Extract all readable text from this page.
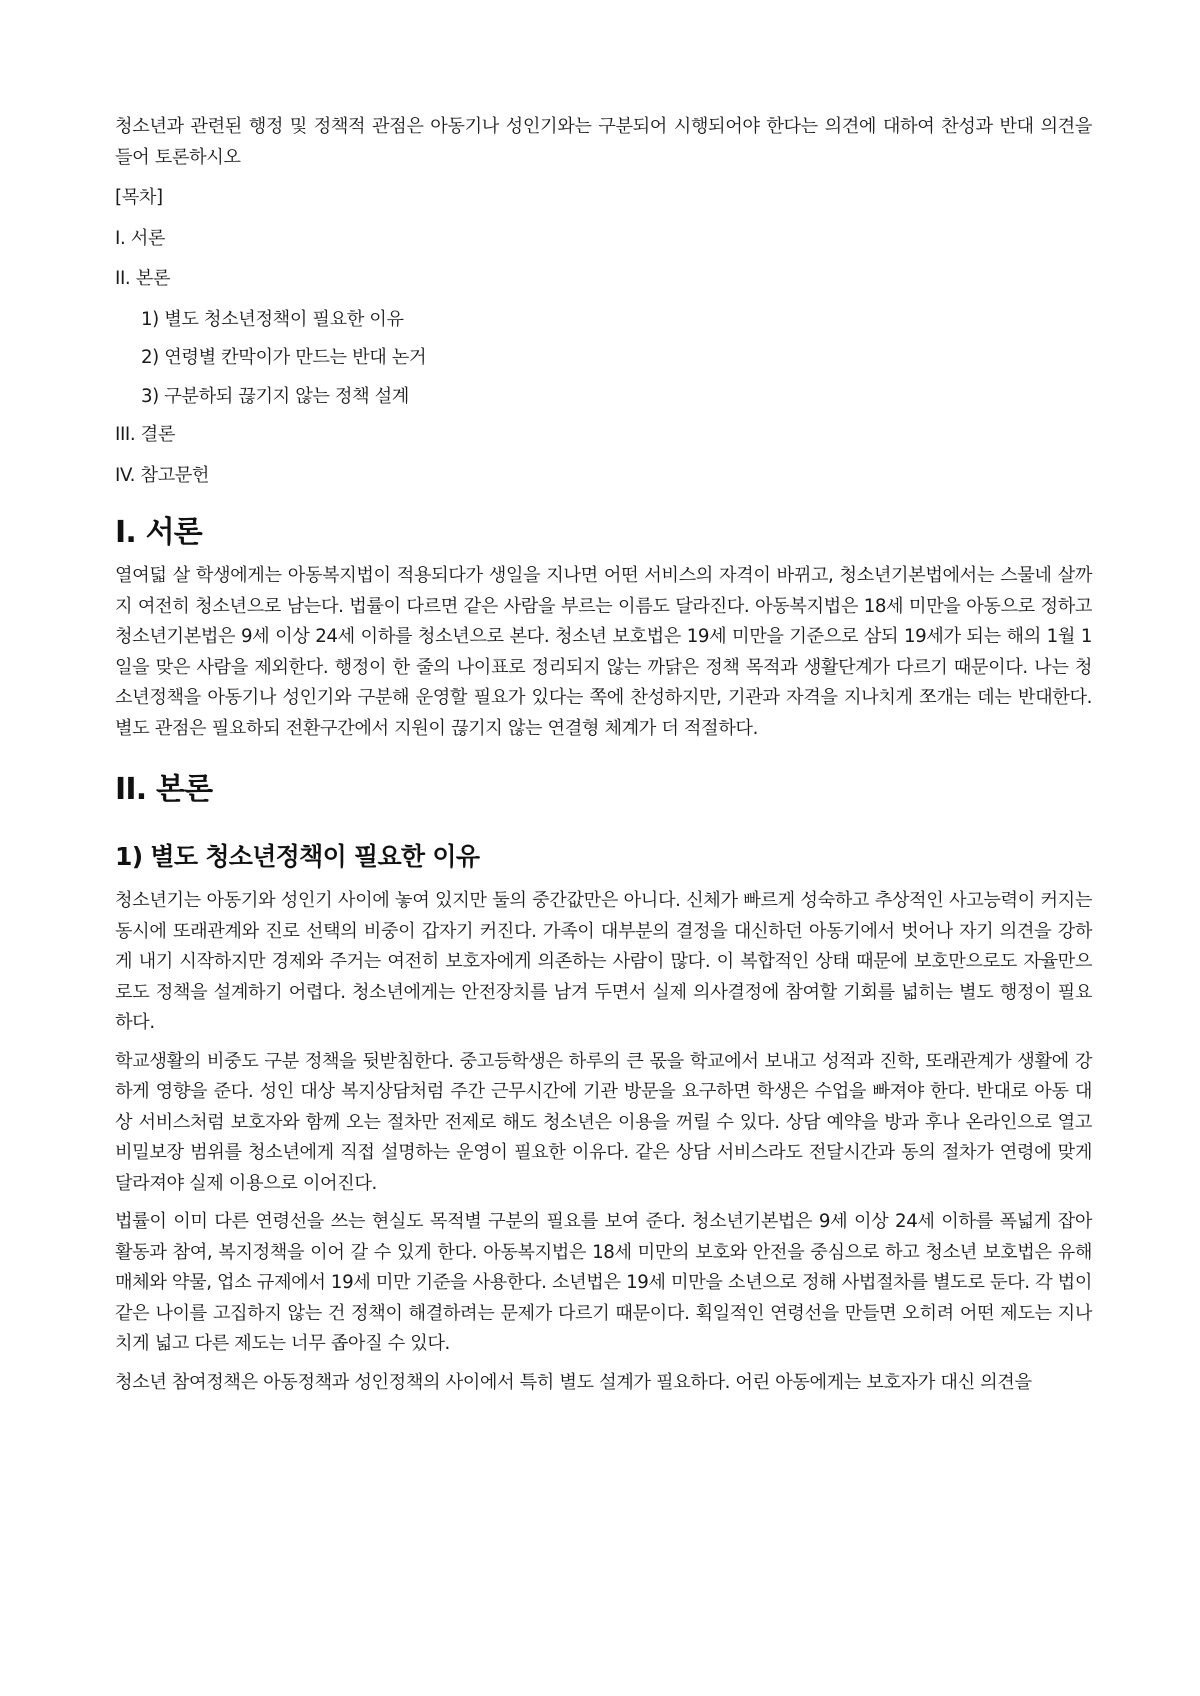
청소년과 관련된 행정 및 정책적 관점은 아동기나 성인기와는 구분되어 시행되어야 한다는 의견에 대하여 찬성과 반대 의견을 들어 토론하시오

[목차]

I. 서론
II. 본론
1) 별도 청소년정책이 필요한 이유
2) 연령별 칸막이가 만드는 반대 논거
3) 구분하되 끊기지 않는 정책 설계
III. 결론
IV. 참고문헌
I. 서론

열여덟 살 학생에게는 아동복지법이 적용되다가 생일을 지나면 어떤 서비스의 자격이 바뀌고, 청소년기본법에서는 스물네 살까지 여전히 청소년으로 남는다. 법률이 다르면 같은 사람을 부르는 이름도 달라진다. 아동복지법은 18세 미만을 아동으로 정하고 청소년기본법은 9세 이상 24세 이하를 청소년으로 본다. 청소년 보호법은 19세 미만을 기준으로 삼되 19세가 되는 해의 1월 1일을 맞은 사람을 제외한다. 행정이 한 줄의 나이표로 정리되지 않는 까닭은 정책 목적과 생활단계가 다르기 때문이다. 나는 청소년정책을 아동기나 성인기와 구분해 운영할 필요가 있다는 쪽에 찬성하지만, 기관과 자격을 지나치게 쪼개는 데는 반대한다. 별도 관점은 필요하되 전환구간에서 지원이 끊기지 않는 연결형 체계가 더 적절하다.

II. 본론
1) 별도 청소년정책이 필요한 이유

청소년기는 아동기와 성인기 사이에 놓여 있지만 둘의 중간값만은 아니다. 신체가 빠르게 성숙하고 추상적인 사고능력이 커지는 동시에 또래관계와 진로 선택의 비중이 갑자기 커진다. 가족이 대부분의 결정을 대신하던 아동기에서 벗어나 자기 의견을 강하게 내기 시작하지만 경제와 주거는 여전히 보호자에게 의존하는 사람이 많다. 이 복합적인 상태 때문에 보호만으로도 자율만으로도 정책을 설계하기 어렵다. 청소년에게는 안전장치를 남겨 두면서 실제 의사결정에 참여할 기회를 넓히는 별도 행정이 필요하다.

학교생활의 비중도 구분 정책을 뒷받침한다. 중고등학생은 하루의 큰 몫을 학교에서 보내고 성적과 진학, 또래관계가 생활에 강하게 영향을 준다. 성인 대상 복지상담처럼 주간 근무시간에 기관 방문을 요구하면 학생은 수업을 빠져야 한다. 반대로 아동 대상 서비스처럼 보호자와 함께 오는 절차만 전제로 해도 청소년은 이용을 꺼릴 수 있다. 상담 예약을 방과 후나 온라인으로 열고 비밀보장 범위를 청소년에게 직접 설명하는 운영이 필요한 이유다. 같은 상담 서비스라도 전달시간과 동의 절차가 연령에 맞게 달라져야 실제 이용으로 이어진다.

법률이 이미 다른 연령선을 쓰는 현실도 목적별 구분의 필요를 보여 준다. 청소년기본법은 9세 이상 24세 이하를 폭넓게 잡아 활동과 참여, 복지정책을 이어 갈 수 있게 한다. 아동복지법은 18세 미만의 보호와 안전을 중심으로 하고 청소년 보호법은 유해매체와 약물, 업소 규제에서 19세 미만 기준을 사용한다. 소년법은 19세 미만을 소년으로 정해 사법절차를 별도로 둔다. 각 법이 같은 나이를 고집하지 않는 건 정책이 해결하려는 문제가 다르기 때문이다. 획일적인 연령선을 만들면 오히려 어떤 제도는 지나치게 넓고 다른 제도는 너무 좁아질 수 있다.

청소년 참여정책은 아동정책과 성인정책의 사이에서 특히 별도 설계가 필요하다. 어린 아동에게는 보호자가 대신 의견을
